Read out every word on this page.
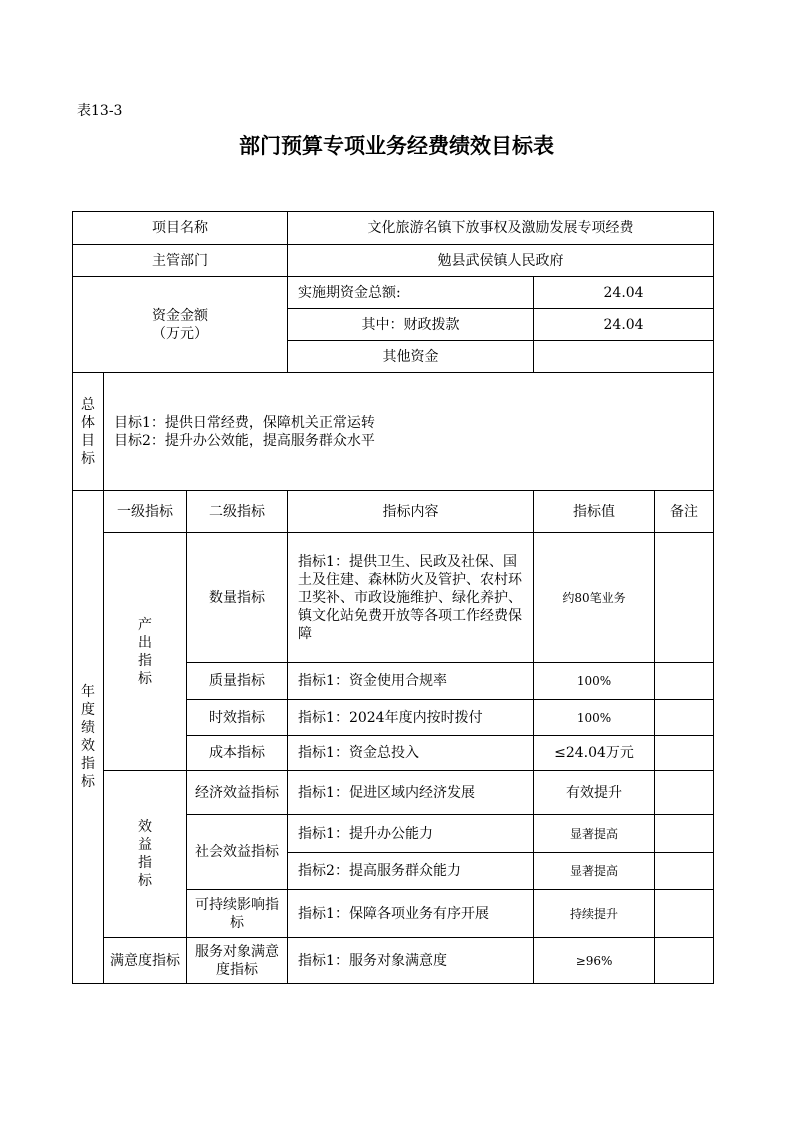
表13-3
部门预算专项业务经费绩效目标表
项目名称			文化旅游名镇下放事权及激励发展专项经费		
主管部门			勉县武侯镇人民政府		

资金金额
（万元）			实施期资金总额:	24.04	
			其中：财政拨款	24.04	
			其他资金		
总体目标	目标1：提供日常经费，保障机关正常运转
目标2：提升办公效能，提高服务群众水平				

年度绩效指标	一级指标	二级指标	指标内容	指标值	备注
	产出指标	数量指标	指标1：提供卫生、民政及社保、国土及住建、森林防火及管护、农村环卫奖补、市政设施维护、绿化养护、镇文化站免费开放等各项工作经费保障	约80笔业务	
		质量指标	指标1：资金使用合规率	100%	
		时效指标	指标1：2024年度内按时拨付	100%	
		成本指标	指标1：资金总投入	≤24.04万元	
	效益指标	经济效益指标	指标1：促进区域内经济发展	有效提升	
		社会效益指标	指标1：提升办公能力	显著提高	
			指标2：提高服务群众能力	显著提高	
		可持续影响指标	指标1：保障各项业务有序开展	持续提升	
	满意度指标	服务对象满意度指标	指标1：服务对象满意度	≥96%	
